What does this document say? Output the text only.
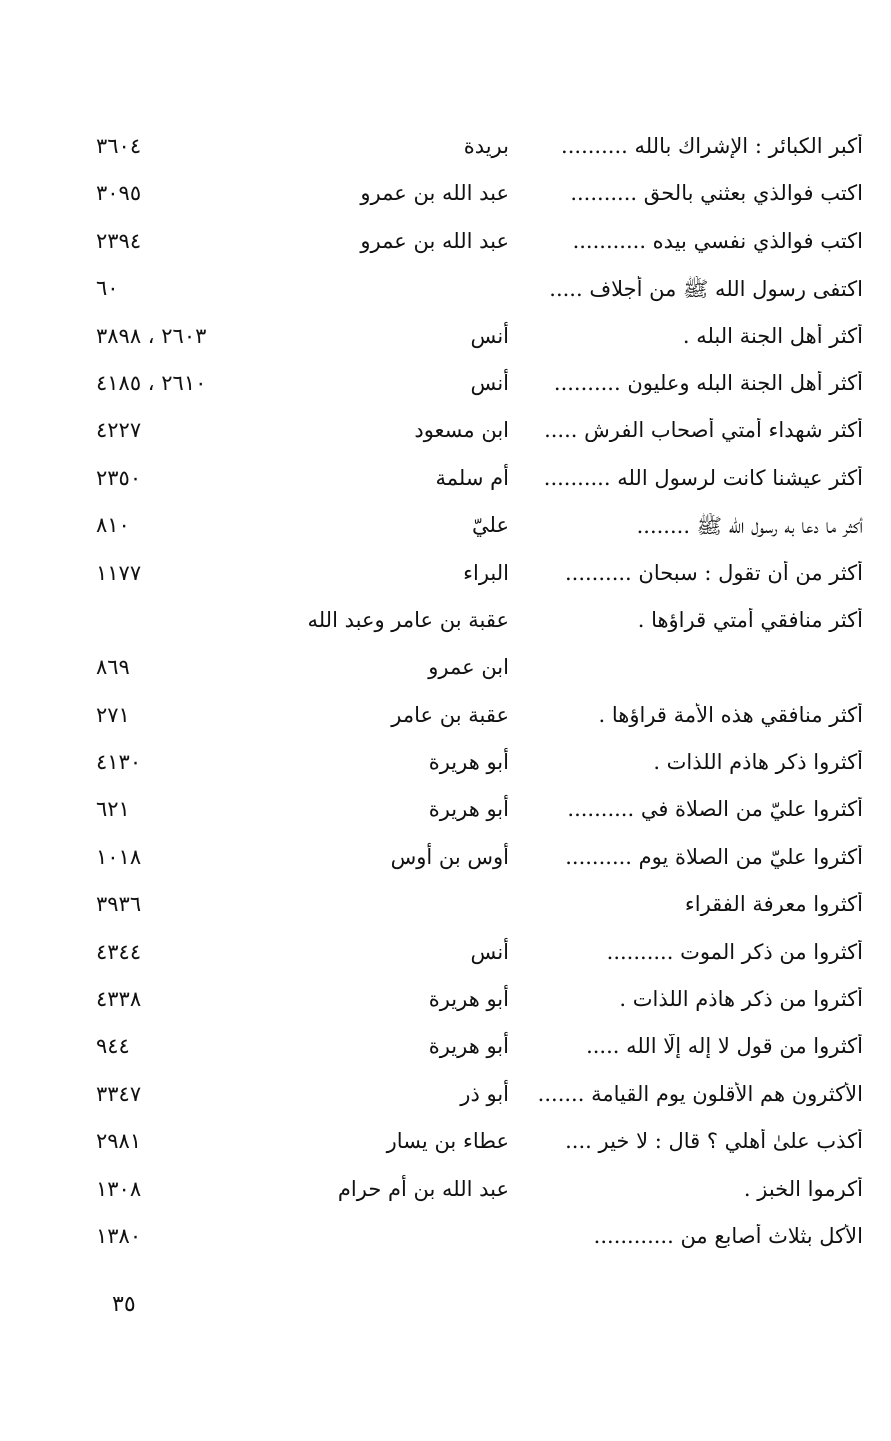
أكبر الكبائر : الإشراك بالله ..........
بريدة
٣٦٠٤
اكتب فوالذي بعثني بالحق ..........
عبد الله بن عمرو
٣٠٩٥
اكتب فوالذي نفسي بيده ...........
عبد الله بن عمرو
٢٣٩٤
اكتفى رسول الله ﷺ من أجلاف .....
٦٠
أكثر أهل الجنة البله .
أنس
٢٦٠٣ ، ٣٨٩٨
أكثر أهل الجنة البله وعليون ..........
أنس
٢٦١٠ ، ٤١٨٥
أكثر شهداء أمتي أصحاب الفرش .....
ابن مسعود
٤٢٢٧
أكثر عيشنا كانت لرسول الله ..........
أم سلمة
٢٣٥٠
أكثر ما دعا به رسول الله ﷺ ........
عليّ
٨١٠
أكثر من أن تقول : سبحان ..........
البراء
١١٧٧
أكثر منافقي أمتي قراؤها .
عقبة بن عامر وعبد الله
ابن عمرو
٨٦٩
أكثر منافقي هذه الأمة قراؤها .
عقبة بن عامر
٢٧١
أكثروا ذكر هاذم اللذات .
أبو هريرة
٤١٣٠
أكثروا عليّ من الصلاة في ..........
أبو هريرة
٦٢١
أكثروا عليّ من الصلاة يوم ..........
أوس بن أوس
١٠١٨
أكثروا معرفة الفقراء
٣٩٣٦
أكثروا من ذكر الموت ..........
أنس
٤٣٤٤
أكثروا من ذكر هاذم اللذات .
أبو هريرة
٤٣٣٨
أكثروا من قول لا إله إلّا الله .....
أبو هريرة
٩٤٤
الأكثرون هم الأقلون يوم القيامة .......
أبو ذر
٣٣٤٧
أكذب علىٰ أهلي ؟ قال : لا خير ....
عطاء بن يسار
٢٩٨١
أكرموا الخبز .
عبد الله بن أم حرام
١٣٠٨
الأكل بثلاث أصابع من ............
١٣٨٠
٣٥
